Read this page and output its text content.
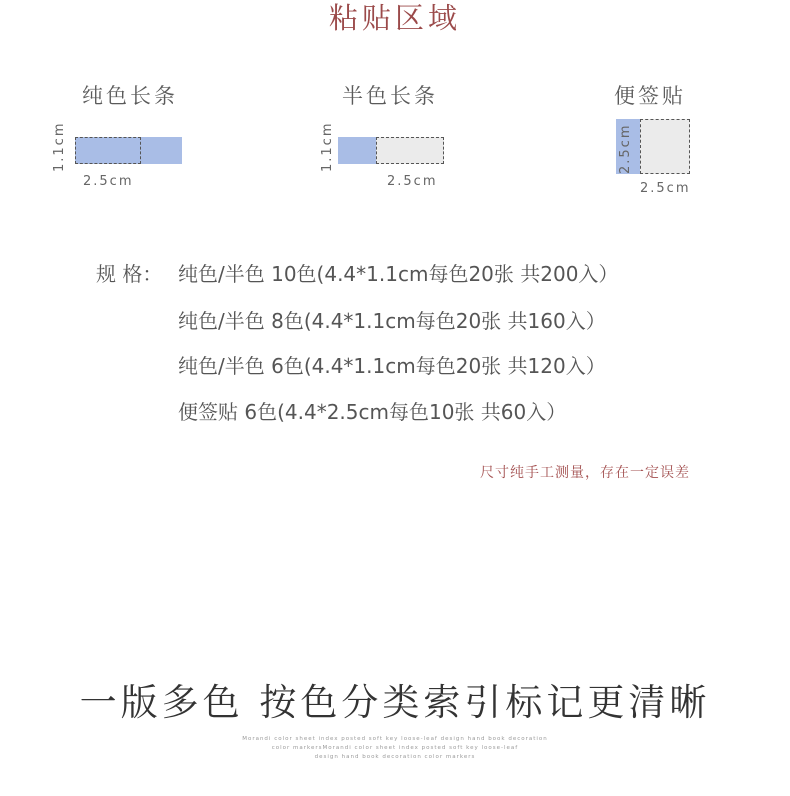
粘贴区域
纯色长条
1.1cm
2.5cm
半色长条
1.1cm
2.5cm
便签贴
2.5cm
2.5cm
规 格： 纯色/半色 10色(4.4*1.1cm每色20张 共200入）
纯色/半色 8色(4.4*1.1cm每色20张 共160入）
纯色/半色 6色(4.4*1.1cm每色20张 共120入）
便签贴 6色(4.4*2.5cm每色10张 共60入）
尺寸纯手工测量，存在一定误差
一版多色 按色分类索引标记更清晰
Morandi color sheet index posted soft key loose-leaf design hand book decoration
color markersMorandi color sheet index posted soft key loose-leaf
design hand book decoration color markers
